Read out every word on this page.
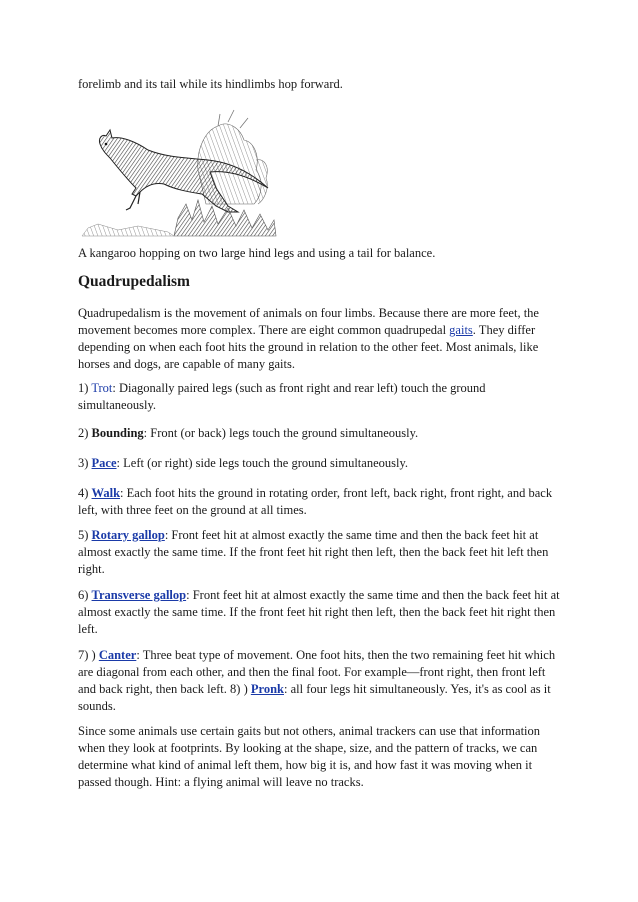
forelimb and its tail while its hindlimbs hop forward.

A kangaroo hopping on two large hind legs and using a tail for balance.

Quadrupedalism

Quadrupedalism is the movement of animals on four limbs. Because there are more feet, the movement becomes more complex. There are eight common quadrupedal gaits. They differ depending on when each foot hits the ground in relation to the other feet. Most animals, like horses and dogs, are capable of many gaits.

1) Trot: Diagonally paired legs (such as front right and rear left) touch the ground simultaneously.

2) Bounding: Front (or back) legs touch the ground simultaneously.

3) Pace: Left (or right) side legs touch the ground simultaneously.

4) Walk: Each foot hits the ground in rotating order, front left, back right, front right, and back left, with three feet on the ground at all times.

5) Rotary gallop: Front feet hit at almost exactly the same time and then the back feet hit at almost exactly the same time. If the front feet hit right then left, then the back feet hit left then right.

6) Transverse gallop: Front feet hit at almost exactly the same time and then the back feet hit at almost exactly the same time. If the front feet hit right then left, then the back feet hit right then left.

7) ) Canter: Three beat type of movement. One foot hits, then the two remaining feet hit which are diagonal from each other, and then the final foot. For example—front right, then front left and back right, then back left. 8) ) Pronk: all four legs hit simultaneously. Yes, it's as cool as it sounds.

Since some animals use certain gaits but not others, animal trackers can use that information when they look at footprints. By looking at the shape, size, and the pattern of tracks, we can determine what kind of animal left them, how big it is, and how fast it was moving when it passed though. Hint: a flying animal will leave no tracks.
